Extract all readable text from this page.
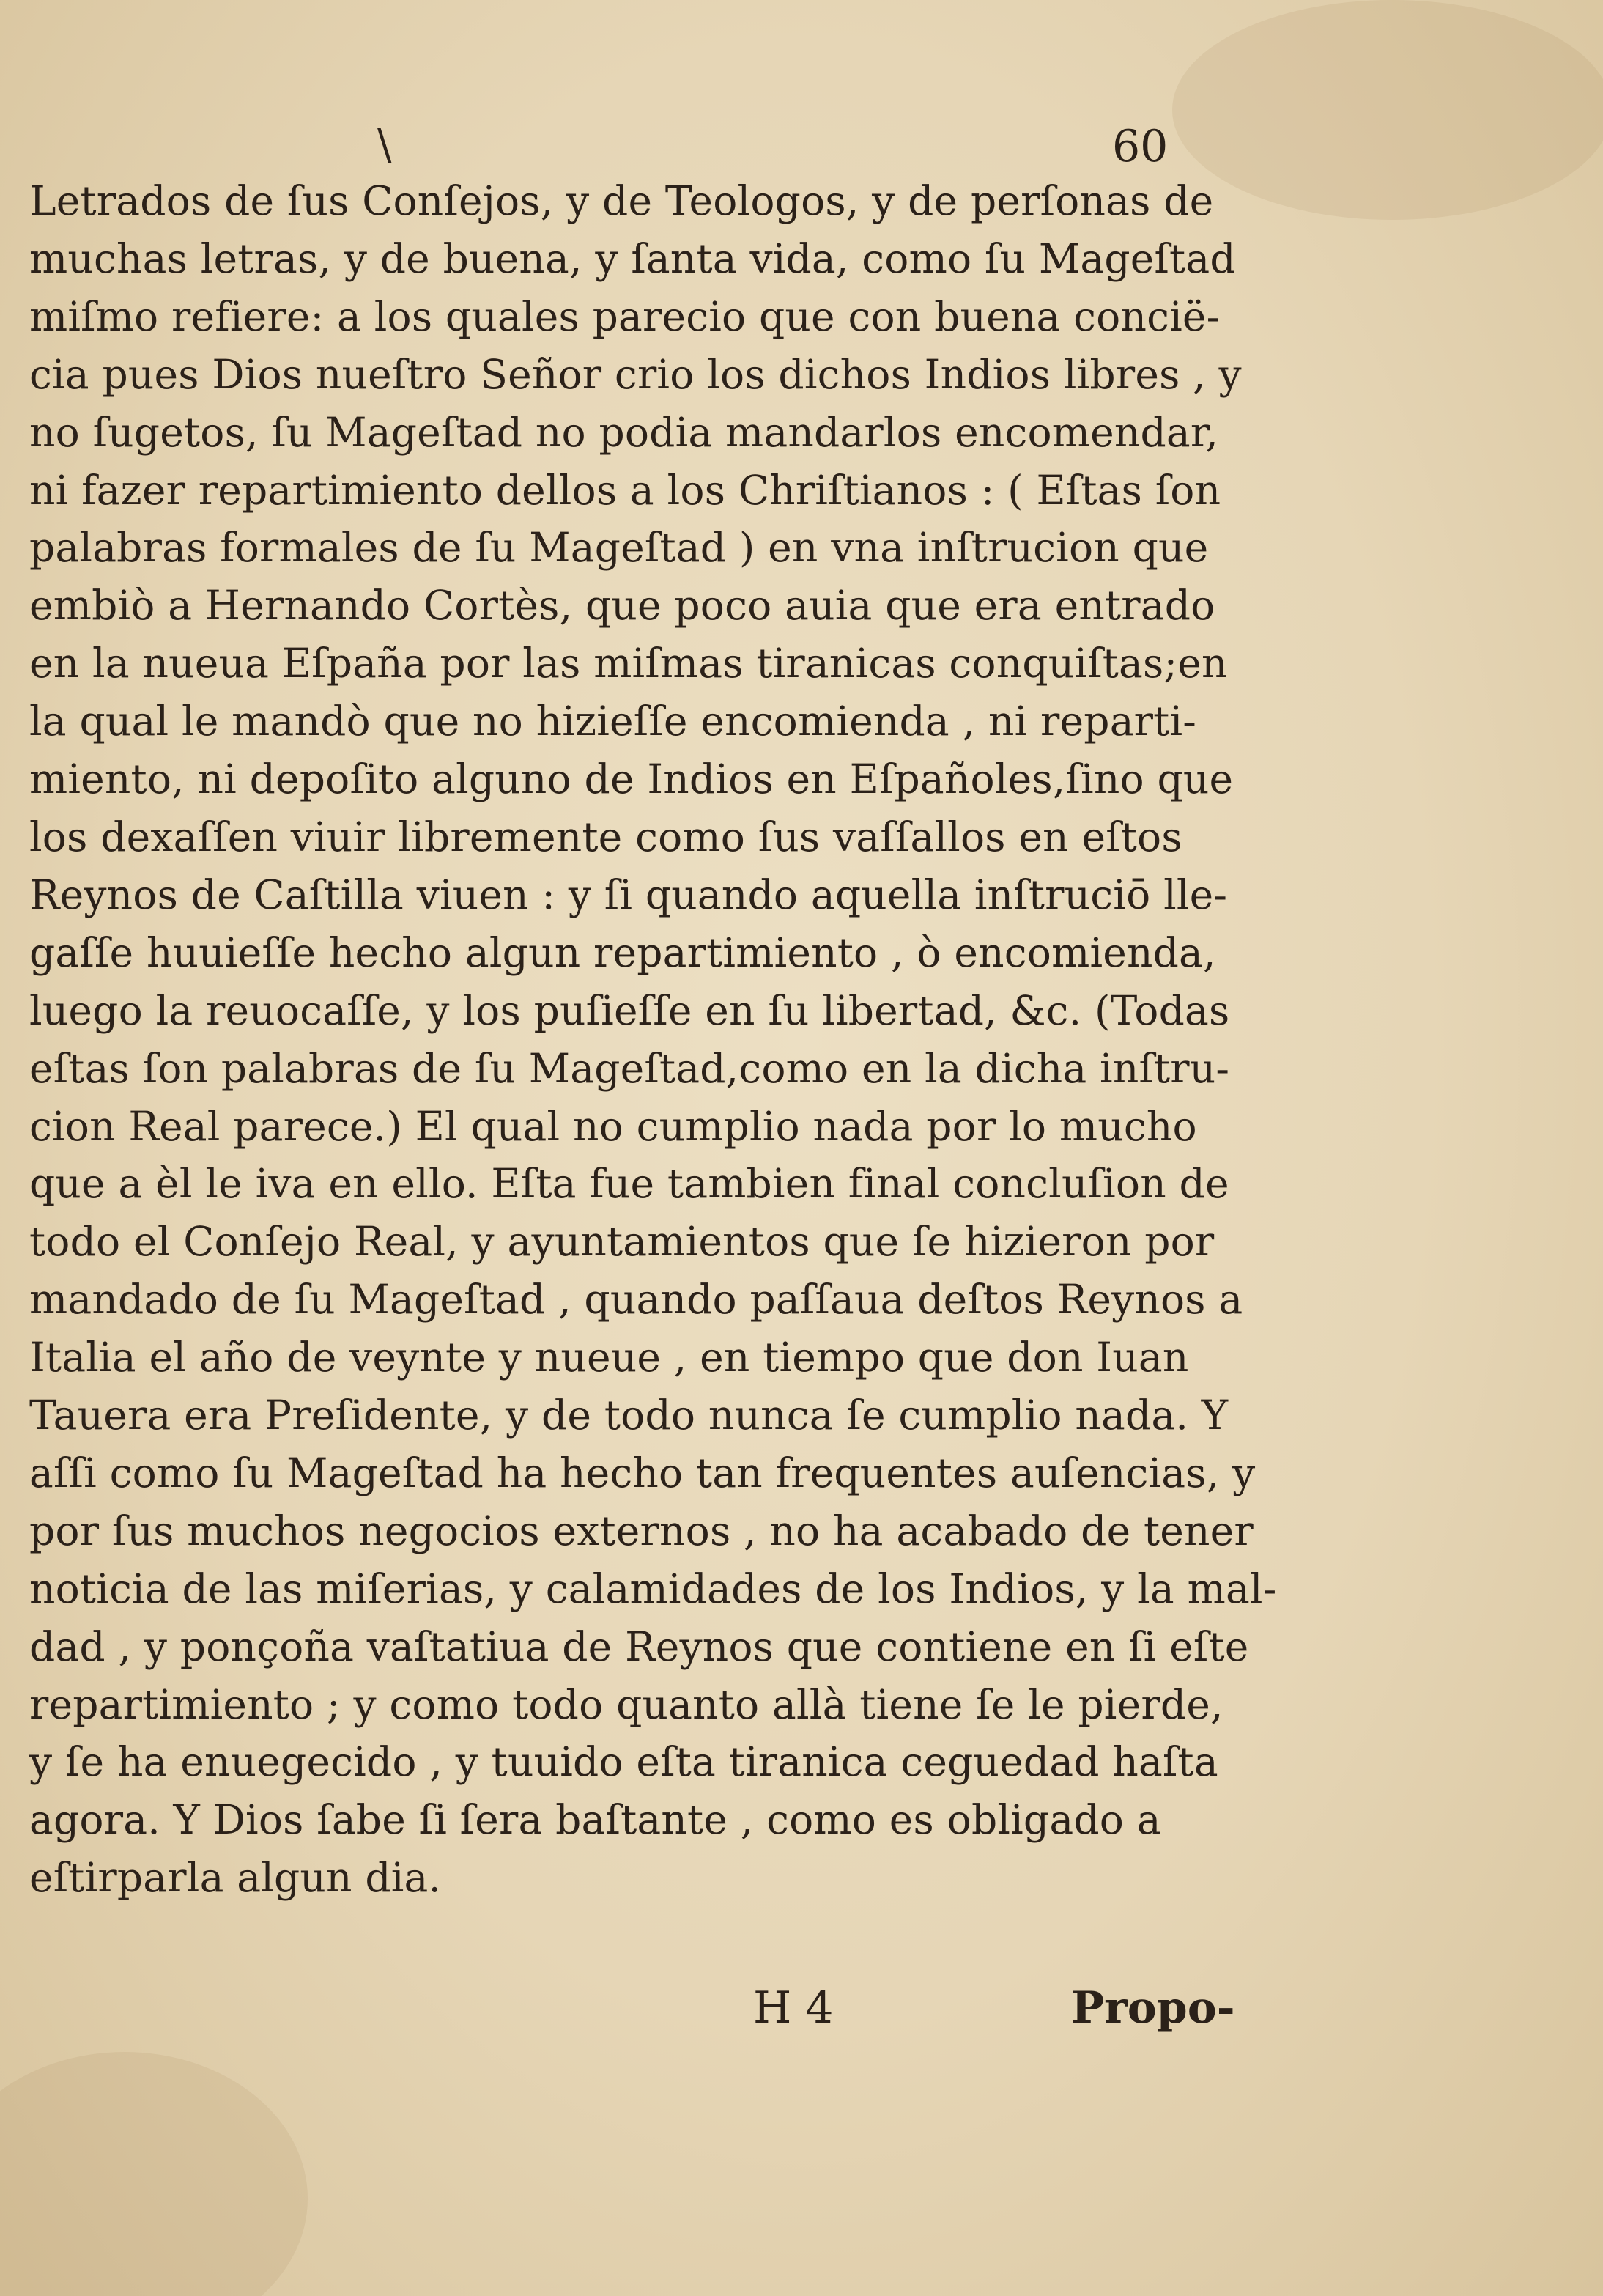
\	60
Letrados de ſus Conſejos, y de Teologos, y de perſonas de
muchas letras, y de buena, y ſanta vida, como ſu Mageſtad
miſmo refiere: a los quales parecio que con buena concië-
cia pues Dios nueſtro Señor crio los dichos Indios libres , y
no ſugetos, ſu Mageſtad no podia mandarlos encomendar,
ni fazer repartimiento dellos a los Chriſtianos : ( Eſtas ſon
palabras formales de ſu Mageſtad ) en vna inſtrucion que
embiò a Hernando Cortès, que poco auia que era entrado
en la nueua Eſpaña por las miſmas tiranicas conquiſtas;en
la qual le mandò que no hizieſſe encomienda , ni reparti-
miento, ni depoſito alguno de Indios en Eſpañoles,ſino que
los dexaſſen viuir libremente como ſus vaſſallos en eſtos
Reynos de Caſtilla viuen : y ſi quando aquella inſtruciō lle-
gaſſe huuieſſe hecho algun repartimiento , ò encomienda,
luego la reuocaſſe, y los puſieſſe en ſu libertad, &c. (Todas
eſtas ſon palabras de ſu Mageſtad,como en la dicha inſtru-
cion Real parece.) El qual no cumplio nada por lo mucho
que a èl le iva en ello. Eſta fue tambien final concluſion de
todo el Conſejo Real, y ayuntamientos que ſe hizieron por
mandado de ſu Mageſtad , quando paſſaua deſtos Reynos a
Italia el año de veynte y nueue , en tiempo que don Iuan
Tauera era Preſidente, y de todo nunca ſe cumplio nada. Y
aſſi como ſu Mageſtad ha hecho tan frequentes auſencias, y
por ſus muchos negocios externos , no ha acabado de tener
noticia de las miſerias, y calamidades de los Indios, y la mal-
dad , y ponçoña vaſtatiua de Reynos que contiene en ſi eſte
repartimiento ; y como todo quanto allà tiene ſe le pierde,
y ſe ha enuegecido , y tuuido eſta tiranica ceguedad haſta
agora. Y Dios ſabe ſi ſera baſtante , como es obligado a
eſtirparla algun dia.
H 4	Propo-
